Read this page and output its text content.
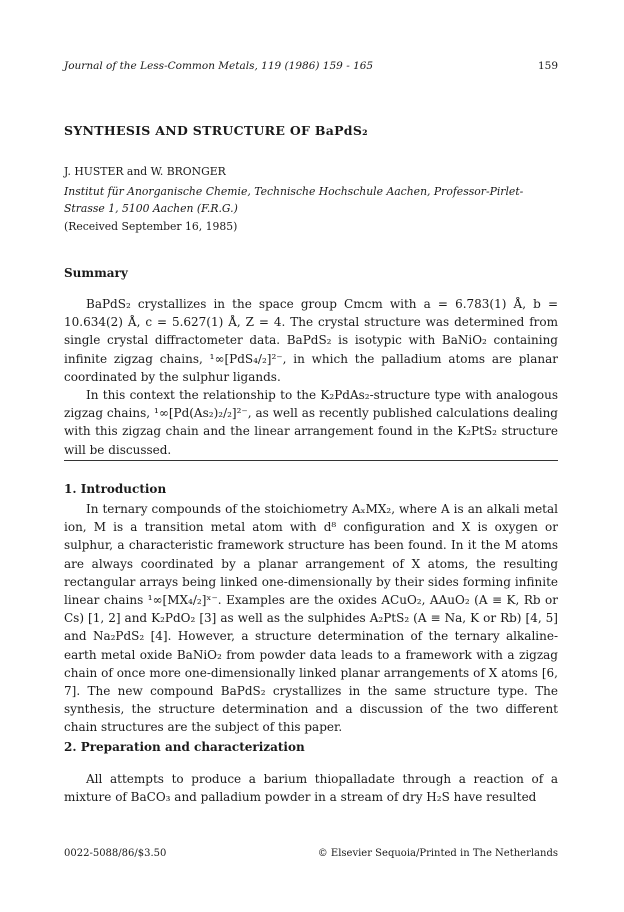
Journal of the Less-Common Metals, 119 (1986) 159 - 165	159
SYNTHESIS AND STRUCTURE OF BaPdS₂
J. HUSTER and W. BRONGER
Institut für Anorganische Chemie, Technische Hochschule Aachen, Professor-Pirlet-Strasse 1, 5100 Aachen (F.R.G.)
(Received September 16, 1985)
Summary

BaPdS₂ crystallizes in the space group Cmcm with a = 6.783(1) Å, b = 10.634(2) Å, c = 5.627(1) Å, Z = 4. The crystal structure was determined from single crystal diffractometer data. BaPdS₂ is isotypic with BaNiO₂ containing infinite zigzag chains, ¹∞[PdS₄/₂]²⁻, in which the palladium atoms are planar coordinated by the sulphur ligands.

In this context the relationship to the K₂PdAs₂-structure type with analogous zigzag chains, ¹∞[Pd(As₂)₂/₂]²⁻, as well as recently published calculations dealing with this zigzag chain and the linear arrangement found in the K₂PtS₂ structure will be discussed.

1. Introduction

In ternary compounds of the stoichiometry AₓMX₂, where A is an alkali metal ion, M is a transition metal atom with d⁸ configuration and X is oxygen or sulphur, a characteristic framework structure has been found. In it the M atoms are always coordinated by a planar arrangement of X atoms, the resulting rectangular arrays being linked one-dimensionally by their sides forming infinite linear chains ¹∞[MX₄/₂]ˣ⁻. Examples are the oxides ACuO₂, AAuO₂ (A ≡ K, Rb or Cs) [1, 2] and K₂PdO₂ [3] as well as the sulphides A₂PtS₂ (A ≡ Na, K or Rb) [4, 5] and Na₂PdS₂ [4]. However, a structure determination of the ternary alkaline-earth metal oxide BaNiO₂ from powder data leads to a framework with a zigzag chain of once more one-dimensionally linked planar arrangements of X atoms [6, 7]. The new compound BaPdS₂ crystallizes in the same structure type. The synthesis, the structure determination and a discussion of the two different chain structures are the subject of this paper.

2. Preparation and characterization

All attempts to produce a barium thiopalladate through a reaction of a mixture of BaCO₃ and palladium powder in a stream of dry H₂S have resulted

0022-5088/86/$3.50	© Elsevier Sequoia/Printed in The Netherlands
